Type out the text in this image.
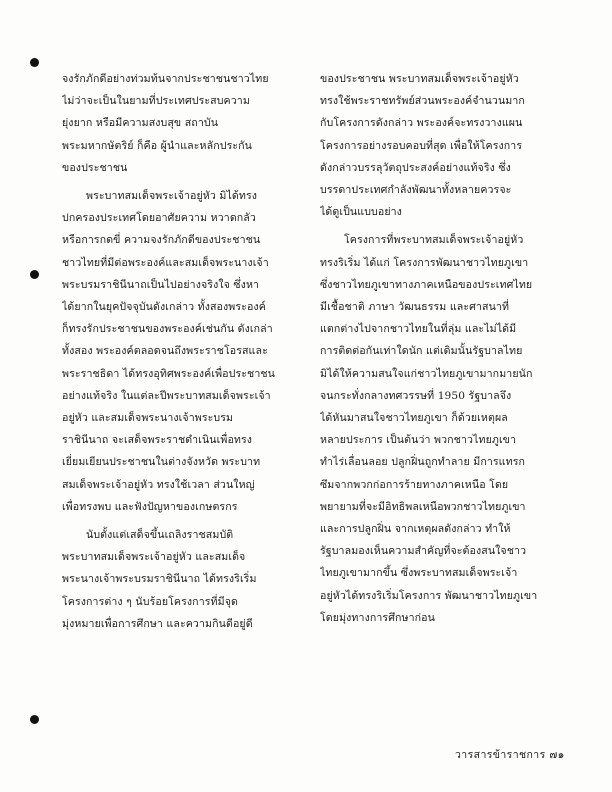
จงรักภักดีอย่างท่วมท้นจากประชาชนชาวไทย
ไม่ว่าจะเป็นในยามที่ประเทศประสบความ
ยุ่งยาก หรือมีความสงบสุข สถาบัน
พระมหากษัตริย์ ก็คือ ผู้นำและหลักประกัน
ของประชาชน
พระบาทสมเด็จพระเจ้าอยู่หัว มิได้ทรง
ปกครองประเทศโดยอาศัยความ หวาดกลัว
หรือการกดขี่ ความจงรักภักดีของประชาชน
ชาวไทยที่มีต่อพระองค์และสมเด็จพระนางเจ้า
พระบรมราชินีนาถเป็นไปอย่างจริงใจ ซึ่งหา
ได้ยากในยุคปัจจุบันดังเกล่าว ทั้งสองพระองค์
ก็ทรงรักประชาชนของพระองค์เช่นกัน ดังเกล่า
ทั้งสอง พระองค์ตลอดจนถึงพระราชโอรสและ
พระราชธิดา ได้ทรงอุทิศพระองค์เพื่อประชาชน
อย่างแท้จริง ในแต่ละปีพระบาทสมเด็จพระเจ้า
อยู่หัว และสมเด็จพระนางเจ้าพระบรม
ราชินีนาถ จะเสด็จพระราชดำเนินเพื่อทรง
เยี่ยมเยียนประชาชนในต่างจังหวัด พระบาท
สมเด็จพระเจ้าอยู่หัว ทรงใช้เวลา ส่วนใหญ่
เพื่อทรงพบ และฟังปัญหาของเกษตรกร
นับตั้งแต่เสด็จขึ้นเถลิงราชสมบัติ
พระบาทสมเด็จพระเจ้าอยู่หัว และสมเด็จ
พระนางเจ้าพระบรมราชินีนาถ ได้ทรงริเริ่ม
โครงการต่าง ๆ นับร้อยโครงการที่มีจุด
มุ่งหมายเพื่อการศึกษา และความกินดีอยู่ดี
ของประชาชน พระบาทสมเด็จพระเจ้าอยู่หัว
ทรงใช้พระราชทรัพย์ส่วนพระองค์จำนวนมาก
กับโครงการดังกล่าว พระองค์จะทรงวางแผน
โครงการอย่างรอบคอบที่สุด เพื่อให้โครงการ
ดังกล่าวบรรลุวัตถุประสงค์อย่างแท้จริง ซึ่ง
บรรดาประเทศกำลังพัฒนาทั้งหลายควรจะ
ได้ดูเป็นแบบอย่าง
โครงการที่พระบาทสมเด็จพระเจ้าอยู่หัว
ทรงริเริ่ม ได้แก่ โครงการพัฒนาชาวไทยภูเขา
ซึ่งชาวไทยภูเขาทางภาคเหนือของประเทศไทย
มีเชื้อชาติ ภาษา วัฒนธรรม และศาสนาที่
แตกต่างไปจากชาวไทยในที่ลุ่ม และไม่ได้มี
การติดต่อกันเท่าใดนัก แต่เดิมนั้นรัฐบาลไทย
มิได้ให้ความสนใจแก่ชาวไทยภูเขามากมายนัก
จนกระทั่งกลางทศวรรษที่ 1950 รัฐบาลจึง
ได้หันมาสนใจชาวไทยภูเขา ก็ด้วยเหตุผล
หลายประการ เป็นต้นว่า พวกชาวไทยภูเขา
ทำไร่เลื่อนลอย ปลูกฝิ่นถูกทำลาย มีการแทรก
ซึมจากพวกก่อการร้ายทางภาคเหนือ โดย
พยายามที่จะมีอิทธิพลเหนือพวกชาวไทยภูเขา
และการปลูกฝิ่น จากเหตุผลดังกล่าว ทำให้
รัฐบาลมองเห็นความสำคัญที่จะต้องสนใจชาว
ไทยภูเขามากขึ้น ซึ่งพระบาทสมเด็จพระเจ้า
อยู่หัวได้ทรงริเริ่มโครงการ พัฒนาชาวไทยภูเขา
โดยมุ่งทางการศึกษาก่อน
วารสารข้าราชการ ๗๑
